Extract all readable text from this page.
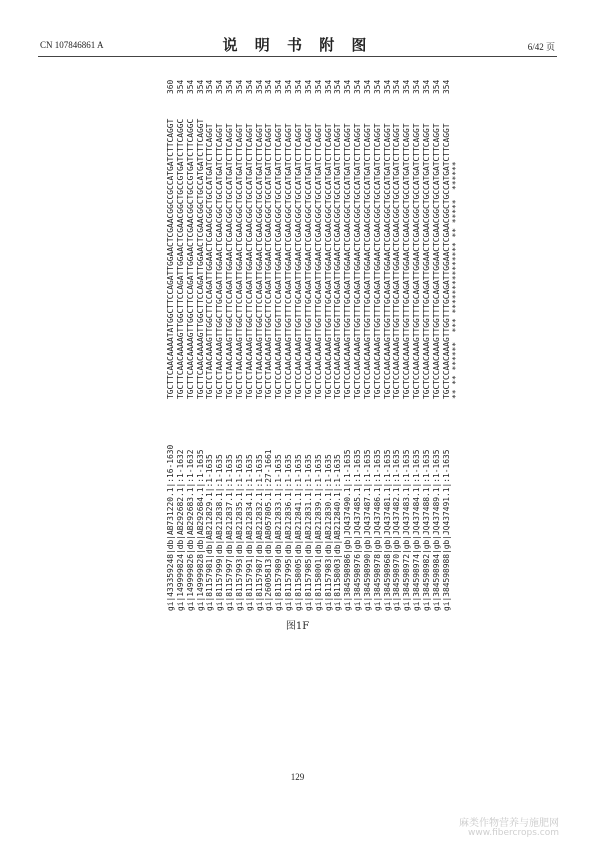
CN 107846861 A	说 明 书 附 图	6/42 页
gi|433359248|db|AB731220.1|:16-1630
TGCTTCAACAAAATATGGCTTCCAGATTGGAACTCGAACGGCCGCCATGATCTTCAGGT
360
gi|149999824|db|AB292682.1|:1-1632
TGCTTCAACAAAAGTTGGCTTCCAGATTGGAACTCGAACGGCTGCCGTGATCTTCAGGC
354
gi|149999826|db|AB292683.1|:1-1632
TGCTTCAACAAAAGTTGGCTTCCAGATTGGAACTCGAACGGCTGCCGTGATCTTCAGGC
354
gi|149999828|db|AB292684.1|:1-1635
TGCTTCAACAAAAGTTGGCTTCCAGATTGGAACTCGAACGGCTGCCATGATCTTCAGGT
354
gi|81157981|db|AB212829.1|:1-1635
TGCTCTAACAAAGTTGGCTTCCAGATTGGAACTCGAACGGCTGCCATGATCTTCAGGT
354
gi|81157999|db|AB212838.1|:1-1635
TGCTCTAACAAAGTTGGCTTGCAGATTGGAACTCGAACGGCTGCCATGATCTTCAGGT
354
gi|81157997|db|AB212837.1|:1-1635
TGCTCTAACAAAGTTGGCTTCCAGATTGGAACTCGAACGGCTGCCATGATCTTCAGGT
354
gi|81157993|db|AB212835.1|:1-1635
TGCTCTAACAAAGTTGGCTTCCAGATTGGAACTCGAACGGCTGCCATGATCTTCAGGT
354
gi|81157991|db|AB212834.1|:1-1635
TGCTCTAACAAAGTTGGCTTCCAGATTGGAACTCGAACGGCTGCCATGATCTTCAGGT
354
gi|81157987|db|AB212832.1|:1-1635
TGCTCTAACAAAGTTGGCTTCCAGATTGGAACTCGAACGGCTGCCATGATCTTCAGGT
354
gi|26005813|db|AB057805.1|:27-1661
TGCTCTAACAAAGTTGGCTTCCAGATTGGAACTCGAACGGCTGCCATGATCTTCAGGT
354
gi|81157989|db|AB212833.1|:1-1635
TGCTCCAACAAAGTTGGTTTCCAGATTGGAACTCGAACGGCTGCCATGATCTTCAGGT
354
gi|81157995|db|AB212836.1|:1-1635
TGCTCCAACAAAGTTGGTTTCCAGATTGGAACTCGAACGGCTGCCATGATCTTCAGGT
354
gi|81158005|db|AB212841.1|:1-1635
TGCTCCAACAAAGTTGGTTTGCAGATTGGAACTCGAACGGCTGCCATGATCTTCAGGT
354
gi|81157985|db|AB212831.1|:1-1635
TGCTCCAACAAAGTTGGTTTGCAGATTGGAACTCGAACGGCTGCCATGATCTTCAGGT
354
gi|81158001|db|AB212839.1|:1-1635
TGCTCCAACAAAGTTGGTTTGCAGATTGGAACTCGAACGGCTGCCATGATCTTCAGGT
354
gi|81157983|db|AB212830.1|:1-1635
TGCTCCAACAAAGTTGGTTTGCAGATTGGAACTCGAACGGCTGCCATGATCTTCAGGT
354
gi|81158003|db|AB212840.1|:1-1635
TGCTCCAACAAAGTTGGTTTGCAGATTGGAACTCGAACGGCTGCCATGATCTTCAGGT
354
gi|384598986|gb|JQ437490.1|:1-1635
TGCTCCAACAAAGTTGGTTTGCAGATTGGAACTCGAACGGCTGCCATGATCTTCAGGT
354
gi|384598976|gb|JQ437485.1|:1-1635
TGCTCCAACAAAGTTGGTTTGCAGATTGGAACTCGAACGGCTGCCATGATCTTCAGGT
354
gi|384598990|gb|JQ437487.1|:1-1635
TGCTCCAACAAAGTTGGTTTGCAGATTGGAACTCGAACGGCTGCCATGATCTTCAGGT
354
gi|384598978|gb|JQ437486.1|:1-1635
TGCTCCAACAAAGTTGGTTTGCAGATTGGAACTCGAACGGCTGCCATGATCTTCAGGT
354
gi|384598968|gb|JQ437481.1|:1-1635
TGCTCCAACAAAGTTGGTTTGCAGATTGGAACTCGAACGGCTGCCATGATCTTCAGGT
354
gi|384598970|gb|JQ437482.1|:1-1635
TGCTCCAACAAAGTTGGTTTGCAGATTGGAACTCGAACGGCTGCCATGATCTTCAGGT
354
gi|384598972|gb|JQ437483.1|:1-1635
TGCTCCAACAAAGTTGGTTTGCAGATTGGAACTCGAACGGCTGCCATGATCTTCAGGT
354
gi|384598974|gb|JQ437484.1|:1-1635
TGCTCCAACAAAGTTGGTTTGCAGATTGGAACTCGAACGGCTGCCATGATCTTCAGGT
354
gi|384598982|gb|JQ437488.1|:1-1635
TGCTCCAACAAAGTTGGTTTGCAGATTGGAACTCGAACGGCTGCCATGATCTTCAGGT
354
gi|384598984|gb|JQ437489.1|:1-1635
TGCTCCAACAAAGTTGGTTTGCAGATTGGAACTCGAACGGCTGCCATGATCTTCAGGT
354
gi|384598988|gb|JQ437491.1|:1-1635
TGCTCCAACAAAGTTGGTTTGCAGATTGGAACTCGAACGGCTGCCATGATCTTCAGGT
354
** ** ******  *** *************** ** *****  ******
图1F
129
麻类作物营养与施肥网
www.fibercrops.com
